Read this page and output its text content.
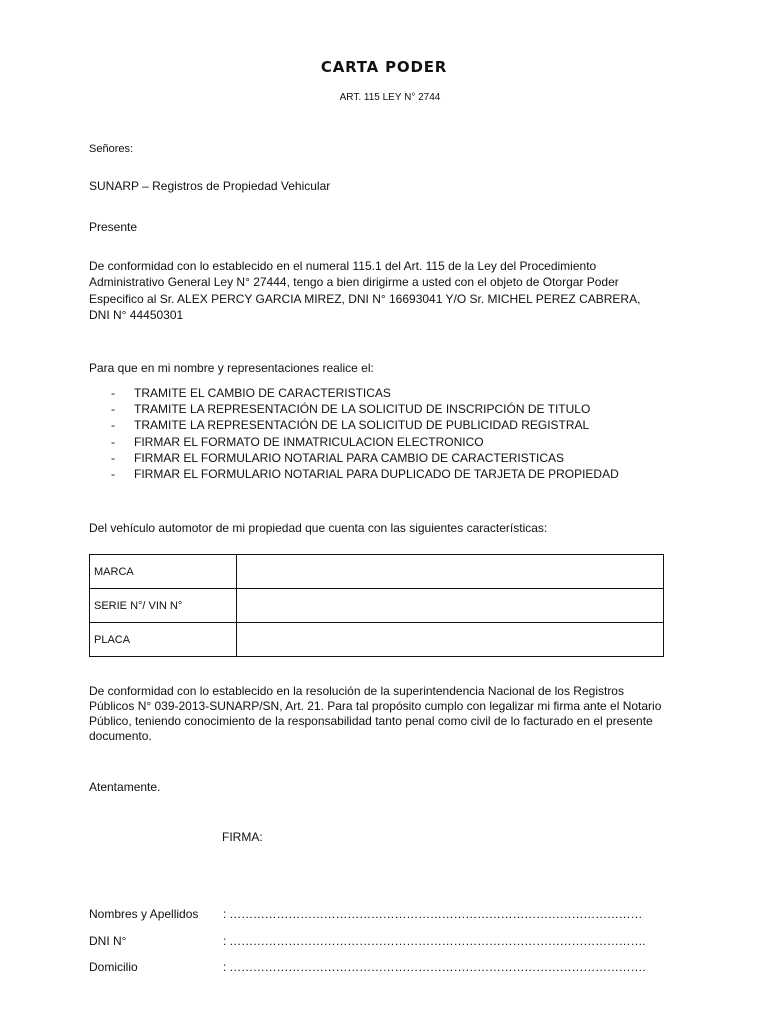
CARTA PODER
ART. 115 LEY N° 2744
Señores:
SUNARP – Registros de Propiedad Vehicular
Presente
De conformidad con lo establecido en el numeral 115.1 del Art. 115 de la Ley del Procedimiento
Administrativo General Ley N° 27444, tengo a bien dirigirme a usted con el objeto de Otorgar Poder
Especifico al Sr. ALEX PERCY GARCIA MIREZ, DNI N° 16693041 Y/O Sr. MICHEL PEREZ CABRERA,
DNI N° 44450301
Para que en mi nombre y representaciones realice el:
- TRAMITE EL CAMBIO DE CARACTERISTICAS
- TRAMITE LA REPRESENTACIÓN DE LA SOLICITUD DE INSCRIPCIÓN DE TITULO
- TRAMITE LA REPRESENTACIÓN DE LA SOLICITUD DE PUBLICIDAD REGISTRAL
- FIRMAR EL FORMATO DE INMATRICULACION ELECTRONICO
- FIRMAR EL FORMULARIO NOTARIAL PARA CAMBIO DE CARACTERISTICAS
- FIRMAR EL FORMULARIO NOTARIAL PARA DUPLICADO DE TARJETA DE PROPIEDAD
Del vehículo automotor de mi propiedad que cuenta con las siguientes características:
MARCA	
SERIE N°/ VIN N°	
PLACA	
De conformidad con lo establecido en la resolución de la superintendencia Nacional de los Registros
Públicos N° 039-2013-SUNARP/SN, Art. 21. Para tal propósito cumplo con legalizar mi firma ante el Notario
Público, teniendo conocimiento de la responsabilidad tanto penal como civil de lo facturado en el presente
documento.
Atentamente.
FIRMA:
Nombres y Apellidos : ……………………………………………………………………………………………
DNI N°	: …………………………………………………………………………………………….
Domicilio	: …………………………………………………………………………………………….
